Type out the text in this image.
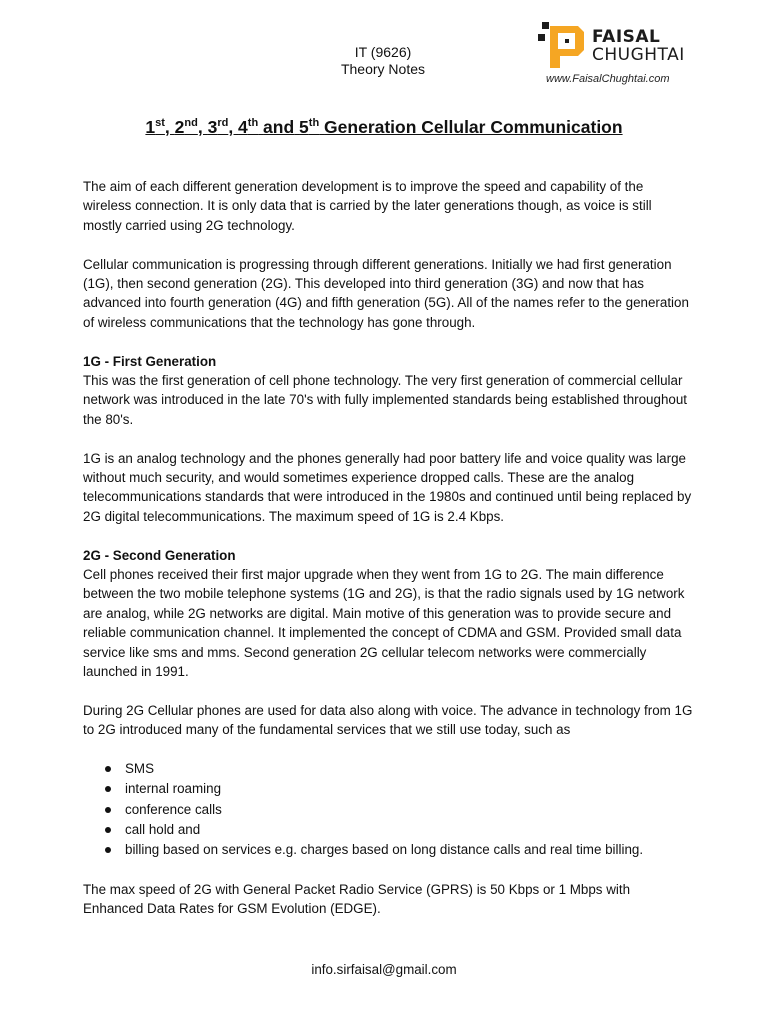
IT (9626)
Theory Notes
FAISAL
CHUGHTAI
www.FaisalChughtai.com
1st, 2nd, 3rd, 4th and 5th Generation Cellular Communication

The aim of each different generation development is to improve the speed and capability of the wireless connection. It is only data that is carried by the later generations though, as voice is still mostly carried using 2G technology.

Cellular communication is progressing through different generations. Initially we had first generation (1G), then second generation (2G). This developed into third generation (3G) and now that has advanced into fourth generation (4G) and fifth generation (5G). All of the names refer to the generation of wireless communications that the technology has gone through.

1G - First Generation

This was the first generation of cell phone technology. The very first generation of commercial cellular network was introduced in the late 70's with fully implemented standards being established throughout the 80's.

1G is an analog technology and the phones generally had poor battery life and voice quality was large without much security, and would sometimes experience dropped calls. These are the analog telecommunications standards that were introduced in the 1980s and continued until being replaced by 2G digital telecommunications. The maximum speed of 1G is 2.4 Kbps.

2G - Second Generation

Cell phones received their first major upgrade when they went from 1G to 2G. The main difference between the two mobile telephone systems (1G and 2G), is that the radio signals used by 1G network are analog, while 2G networks are digital. Main motive of this generation was to provide secure and reliable communication channel. It implemented the concept of CDMA and GSM. Provided small data service like sms and mms. Second generation 2G cellular telecom networks were commercially launched in 1991.

During 2G Cellular phones are used for data also along with voice. The advance in technology from 1G to 2G introduced many of the fundamental services that we still use today, such as

SMS
internal roaming
conference calls
call hold and
billing based on services e.g. charges based on long distance calls and real time billing.

The max speed of 2G with General Packet Radio Service (GPRS) is 50 Kbps or 1 Mbps with Enhanced Data Rates for GSM Evolution (EDGE).

info.sirfaisal@gmail.com
